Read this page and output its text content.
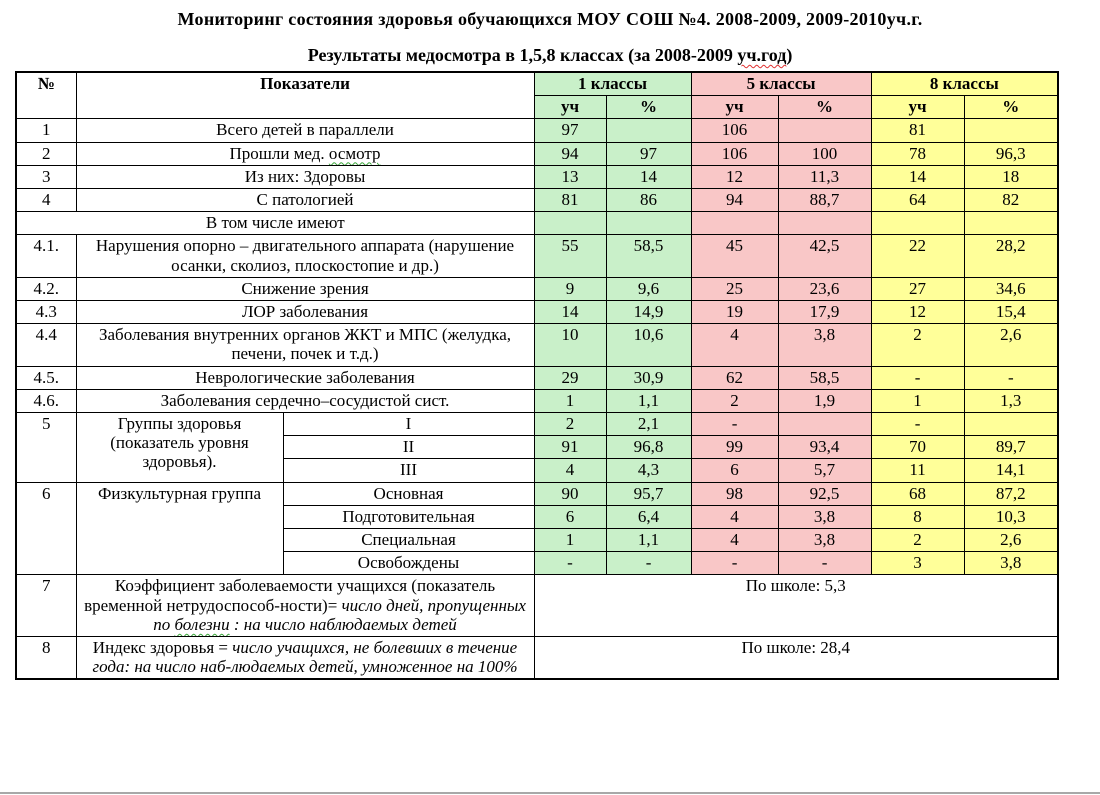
Мониторинг состояния здоровья обучающихся МОУ СОШ №4. 2008-2009, 2009-2010уч.г.
Результаты медосмотра в 1,5,8 классах (за 2008-2009 уч.год)
№	Показатели		1 классы		5 классы		8 классы	
			уч	%	уч	%	уч	%
1	Всего детей в параллели		97		106		81	
2	Прошли мед. осмотр		94	97	106	100	78	96,3
3	Из них: Здоровы		13	14	12	11,3	14	18
4	С патологией		81	86	94	88,7	64	82
В том числе имеют								
4.1.	Нарушения опорно – двигательного аппарата (нарушение осанки, сколиоз, плоскостопие и др.)		55	58,5	45	42,5	22	28,2
4.2.	Снижение зрения		9	9,6	25	23,6	27	34,6
4.3	ЛОР заболевания		14	14,9	19	17,9	12	15,4
4.4	Заболевания внутренних органов ЖКТ и МПС (желудка, печени, почек и т.д.)		10	10,6	4	3,8	2	2,6
4.5.	Неврологические заболевания		29	30,9	62	58,5	-	-
4.6.	Заболевания сердечно–сосудистой сист.		1	1,1	2	1,9	1	1,3
5	Группы здоровья (показатель уровня здоровья).	I	2	2,1	-		-	
		II	91	96,8	99	93,4	70	89,7
		III	4	4,3	6	5,7	11	14,1
6	Физкультурная группа	Основная	90	95,7	98	92,5	68	87,2
		Подготовительная	6	6,4	4	3,8	8	10,3
		Специальная	1	1,1	4	3,8	2	2,6
		Освобождены	-	-	-	-	3	3,8
7	Коэффициент заболеваемости учащихся (показатель временной нетрудоспособ-ности)= число дней, пропущенных по болезни : на число наблюдаемых детей		По школе: 5,3					
8	Индекс здоровья = число учащихся, не болевших в течение года: на число наб-людаемых детей, умноженное на 100%		По школе: 28,4					
